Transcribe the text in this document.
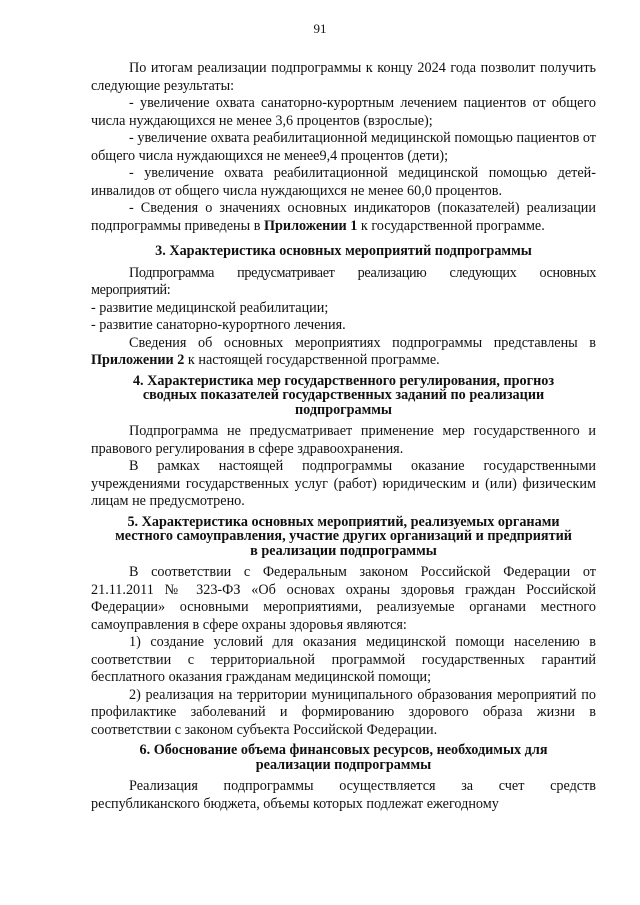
91

По итогам реализации подпрограммы к концу 2024 года позволит получить следующие результаты:

- увеличение охвата санаторно-курортным лечением пациентов от общего числа нуждающихся не менее 3,6 процентов (взрослые);

- увеличение охвата реабилитационной медицинской помощью пациентов от общего числа нуждающихся не менее9,4 процентов (дети);

- увеличение охвата реабилитационной медицинской помощью детей-инвалидов от общего числа нуждающихся не менее 60,0 процентов.

- Сведения о значениях основных индикаторов (показателей) реализации подпрограммы приведены в Приложении 1 к государственной программе.

3. Характеристика основных мероприятий подпрограммы

Подпрограмма предусматривает реализацию следующих основных мероприятий:

- развитие медицинской реабилитации;

- развитие санаторно-курортного лечения.

Сведения об основных мероприятиях подпрограммы представлены в Приложении 2 к настоящей государственной программе.

4. Характеристика мер государственного регулирования, прогноз
сводных показателей государственных заданий по реализации
подпрограммы

Подпрограмма не предусматривает применение мер государственного и правового регулирования в сфере здравоохранения.

В рамках настоящей подпрограммы оказание государственными учреждениями государственных услуг (работ) юридическим и (или) физическим лицам не предусмотрено.

5. Характеристика основных мероприятий, реализуемых органами
местного самоуправления, участие других организаций и предприятий
в реализации подпрограммы

В соответствии с Федеральным законом Российской Федерации от 21.11.2011 № 323-ФЗ «Об основах охраны здоровья граждан Российской Федерации» основными мероприятиями, реализуемые органами местного самоуправления в сфере охраны здоровья являются:

1) создание условий для оказания медицинской помощи населению в соответствии с территориальной программой государственных гарантий бесплатного оказания гражданам медицинской помощи;

2) реализация на территории муниципального образования мероприятий по профилактике заболеваний и формированию здорового образа жизни в соответствии с законом субъекта Российской Федерации.

6. Обоснование объема финансовых ресурсов, необходимых для
реализации подпрограммы

Реализация подпрограммы осуществляется за счет средств республиканского бюджета, объемы которых подлежат ежегодному
